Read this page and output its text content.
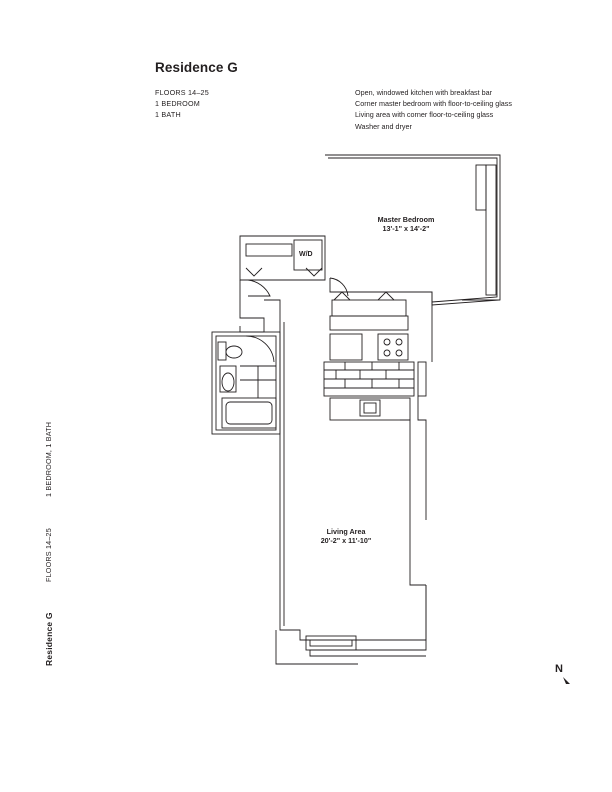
Residence G
FLOORS 14–25
1 BEDROOM
1 BATH
Open, windowed kitchen with breakfast bar
Corner master bedroom with floor-to-ceiling glass
Living area with corner floor-to-ceiling glass
Washer and dryer
Residence G
FLOORS 14–25
1 BEDROOM, 1 BATH
Master Bedroom
13'-1" x 14'-2"
Living Area
20'-2" x 11'-10"
W/D
N
